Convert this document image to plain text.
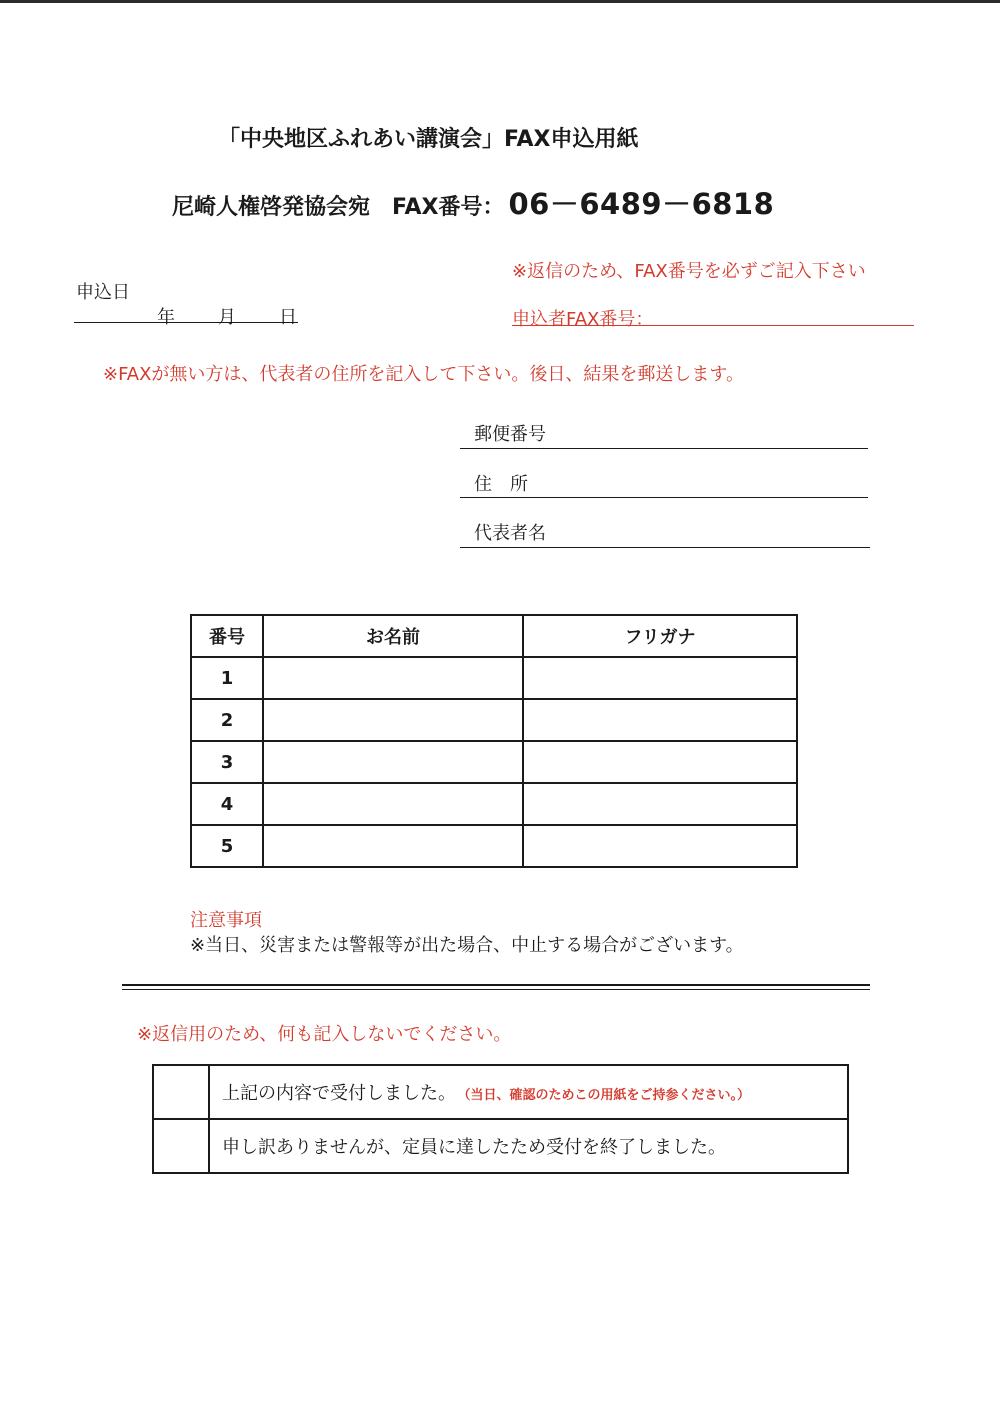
「中央地区ふれあい講演会」FAX申込用紙
尼崎人権啓発協会宛　FAX番号： 06－6489－6818
申込日
年 月 日
※返信のため、FAX番号を必ずご記入下さい
申込者FAX番号：
※FAXが無い方は、代表者の住所を記入して下さい。後日、結果を郵送します。
郵便番号
住　所
代表者名
番号	お名前	フリガナ
1		
2		
3		
4		
5		
注意事項
※当日、災害または警報等が出た場合、中止する場合がございます。
※返信用のため、何も記入しないでください。
	上記の内容で受付しました。 （当日、確認のためこの用紙をご持参ください。）
	申し訳ありませんが、定員に達したため受付を終了しました。
